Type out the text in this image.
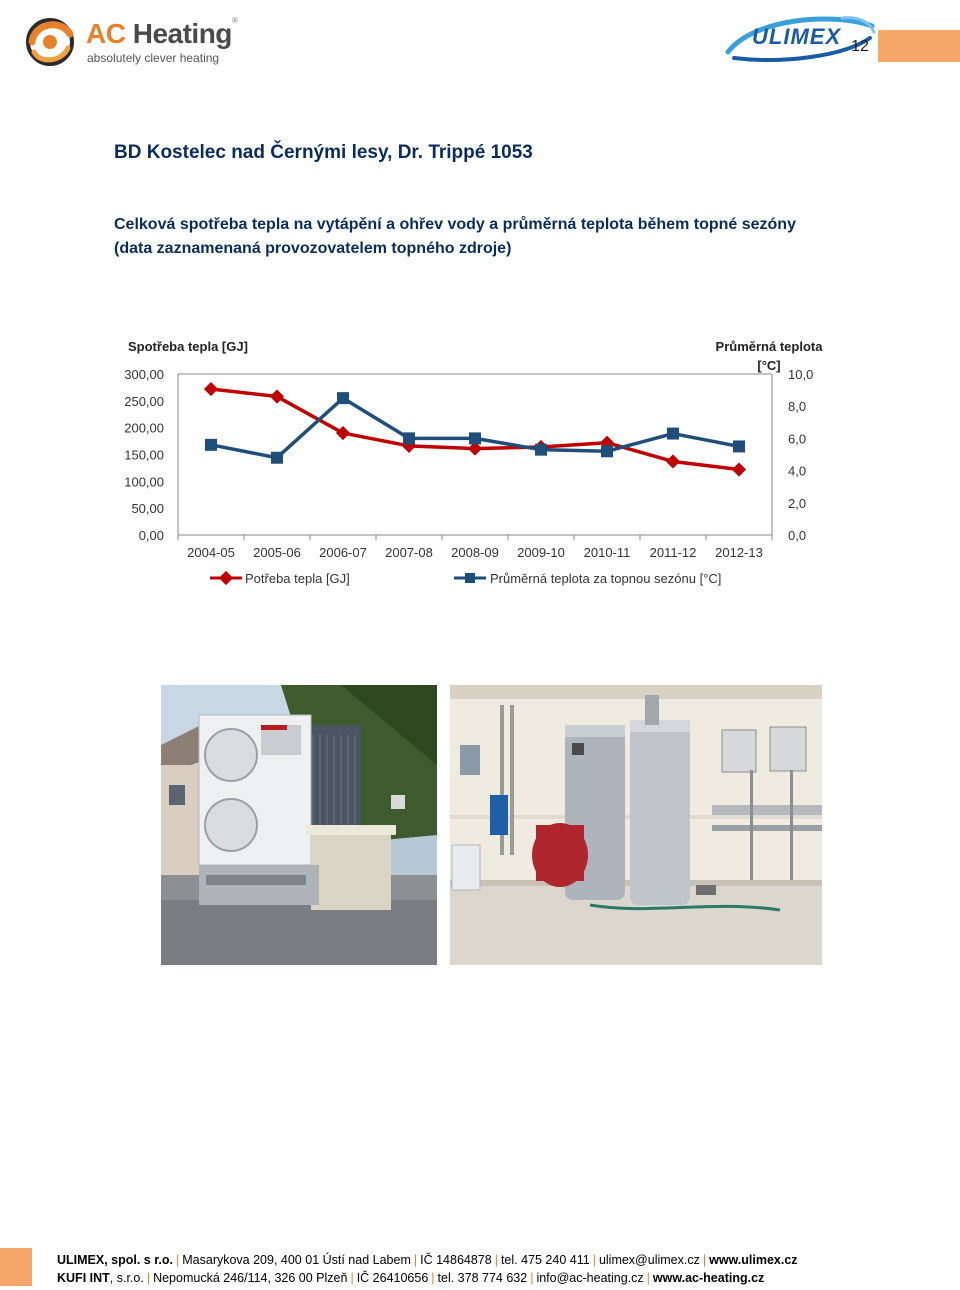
AC Heating ®
absolutely clever heating
ULIMEX 12
BD Kostelec nad Černými lesy, Dr. Trippé 1053
Celková spotřeba tepla na vytápění a ohřev vody a průměrná teplota během topné sezóny
(data zaznamenaná provozovatelem topného zdroje)
Spotřeba tepla [GJ]	Průměrná teplota
[°C]
0,00
50,00
100,00
150,00
200,00
250,00
300,00
0,0
2,0
4,0
6,0
8,0
10,0
2004-05 2005-06 2006-07 2007-08 2008-09 2009-10 2010-11 2011-12 2012-13
Potřeba tepla [GJ]	Průměrná teplota za topnou sezónu [°C]
ULIMEX, spol. s r.o. | Masarykova 209, 400 01 Ústí nad Labem | IČ 14864878 | tel. 475 240 411 | ulimex@ulimex.cz | www.ulimex.cz
KUFI INT, s.r.o. | Nepomucká 246/114, 326 00 Plzeň | IČ 26410656 | tel. 378 774 632 | info@ac-heating.cz | www.ac-heating.cz
